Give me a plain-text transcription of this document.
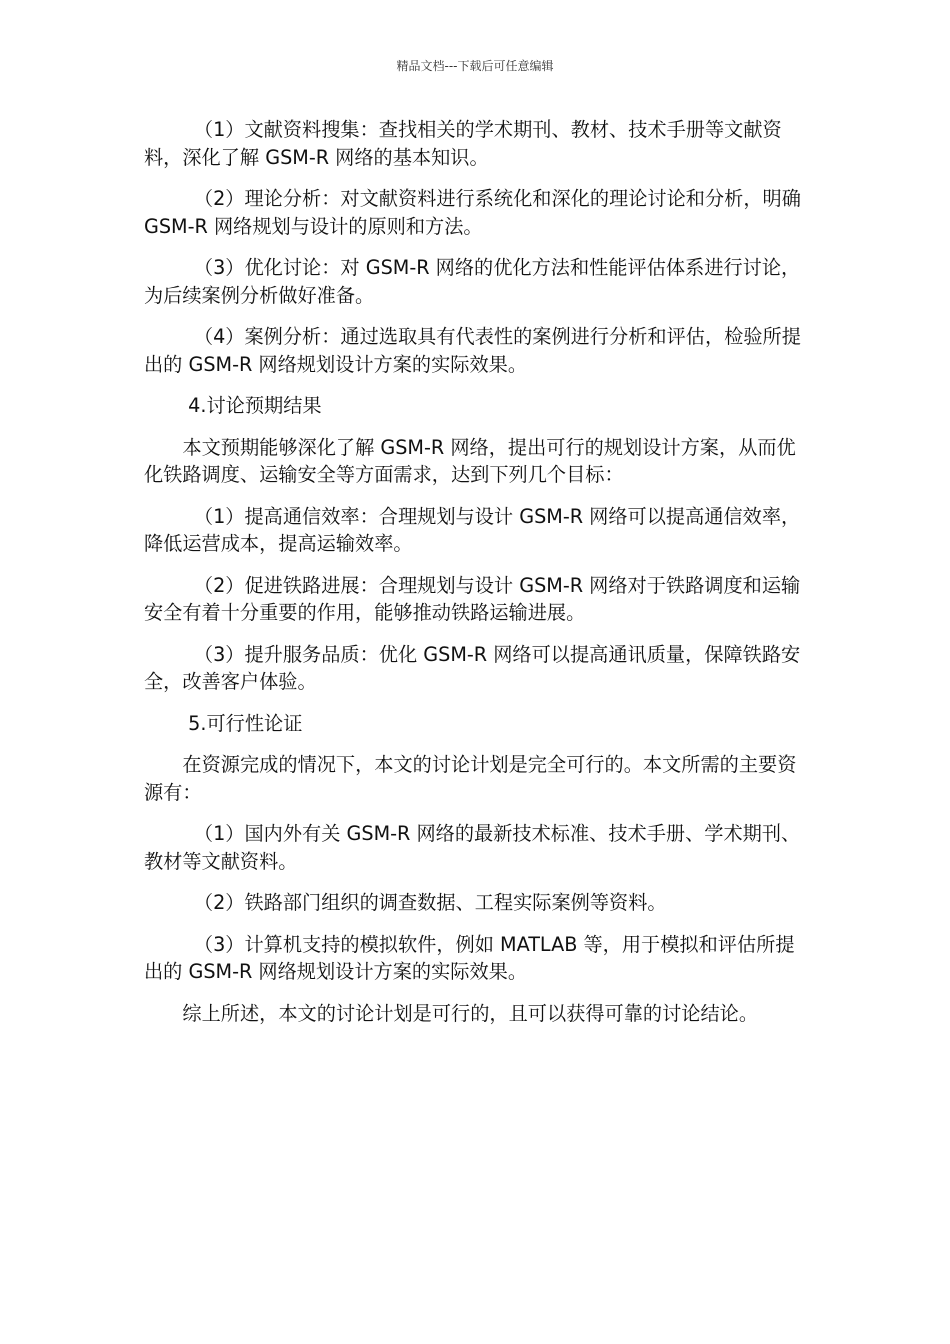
精品文档---下载后可任意编辑

（1）文献资料搜集：查找相关的学术期刊、教材、技术手册等文献资料，深化了解 GSM-R 网络的基本知识。

（2）理论分析：对文献资料进行系统化和深化的理论讨论和分析，明确 GSM-R 网络规划与设计的原则和方法。

（3）优化讨论：对 GSM-R 网络的优化方法和性能评估体系进行讨论，为后续案例分析做好准备。

（4）案例分析：通过选取具有代表性的案例进行分析和评估，检验所提出的 GSM-R 网络规划设计方案的实际效果。

4.讨论预期结果

本文预期能够深化了解 GSM-R 网络，提出可行的规划设计方案，从而优化铁路调度、运输安全等方面需求，达到下列几个目标：

（1）提高通信效率：合理规划与设计 GSM-R 网络可以提高通信效率，降低运营成本，提高运输效率。

（2）促进铁路进展：合理规划与设计 GSM-R 网络对于铁路调度和运输安全有着十分重要的作用，能够推动铁路运输进展。

（3）提升服务品质：优化 GSM-R 网络可以提高通讯质量，保障铁路安全，改善客户体验。

5.可行性论证

在资源完成的情况下，本文的讨论计划是完全可行的。本文所需的主要资源有：

（1）国内外有关 GSM-R 网络的最新技术标准、技术手册、学术期刊、教材等文献资料。

（2）铁路部门组织的调查数据、工程实际案例等资料。

（3）计算机支持的模拟软件，例如 MATLAB 等，用于模拟和评估所提出的 GSM-R 网络规划设计方案的实际效果。

综上所述，本文的讨论计划是可行的，且可以获得可靠的讨论结论。
